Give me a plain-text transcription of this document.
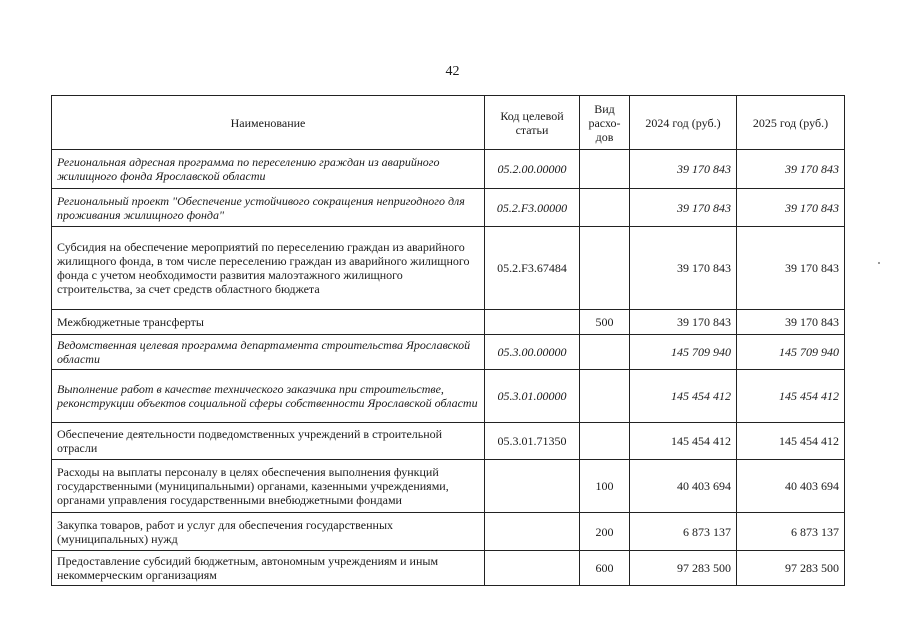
42
Наименование	Код целевой статьи	Вид расхо-дов	2024 год (руб.)	2025 год (руб.)
Региональная адресная программа по переселению граждан из аварийного жилищного фонда Ярославской области	05.2.00.00000		39 170 843	39 170 843
Региональный проект "Обеспечение устойчивого сокращения непригодного для проживания жилищного фонда"	05.2.F3.00000		39 170 843	39 170 843
Субсидия на обеспечение мероприятий по переселению граждан из аварийного жилищного фонда, в том числе переселению граждан из аварийного жилищного фонда с учетом необходимости развития малоэтажного жилищного строительства, за счет средств областного бюджета	05.2.F3.67484		39 170 843	39 170 843
Межбюджетные трансферты		500	39 170 843	39 170 843
Ведомственная целевая программа департамента строительства Ярославской области	05.3.00.00000		145 709 940	145 709 940
Выполнение работ в качестве технического заказчика при строительстве, реконструкции объектов социальной сферы собственности Ярославской области	05.3.01.00000		145 454 412	145 454 412
Обеспечение деятельности подведомственных учреждений в строительной отрасли	05.3.01.71350		145 454 412	145 454 412
Расходы на выплаты персоналу в целях обеспечения выполнения функций государственными (муниципальными) органами, казенными учреждениями, органами управления государственными внебюджетными фондами		100	40 403 694	40 403 694
Закупка товаров, работ и услуг для обеспечения государственных (муниципальных) нужд		200	6 873 137	6 873 137
Предоставление субсидий бюджетным, автономным учреждениям и иным некоммерческим организациям		600	97 283 500	97 283 500
